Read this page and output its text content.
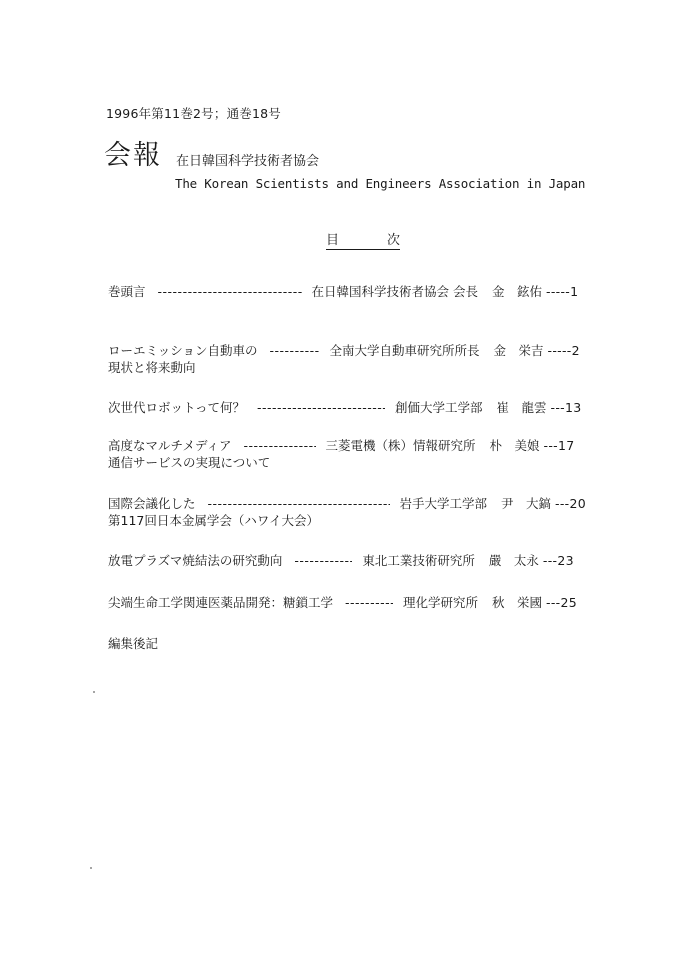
1996年第11巻2号；通巻18号
会報 在日韓国科学技術者協会
The Korean Scientists and Engineers Association in Japan
目	次
巻頭言 -----	在日韓国科学技術者協会 会長 金　鉉佑 -----1
ローエミッション自動車の -----	全南大学自動車研究所所長 金　栄吉 -----2
現状と将来動向
次世代ロボットって何？ -----	創価大学工学部 崔　龍雲 ---13
高度なマルチメディア -----	三菱電機（株）情報研究所 朴　美娘 ---17
通信サービスの実現について
国際会議化した -----	岩手大学工学部 尹　大鎬 ---20
第117回日本金属学会（ハワイ大会）
放電プラズマ焼結法の研究動向 -----	東北工業技術研究所 嚴　太永 ---23
尖端生命工学関連医薬品開発：糖鎖工学 -----	理化学研究所 秋　栄國 ---25
編集後記
